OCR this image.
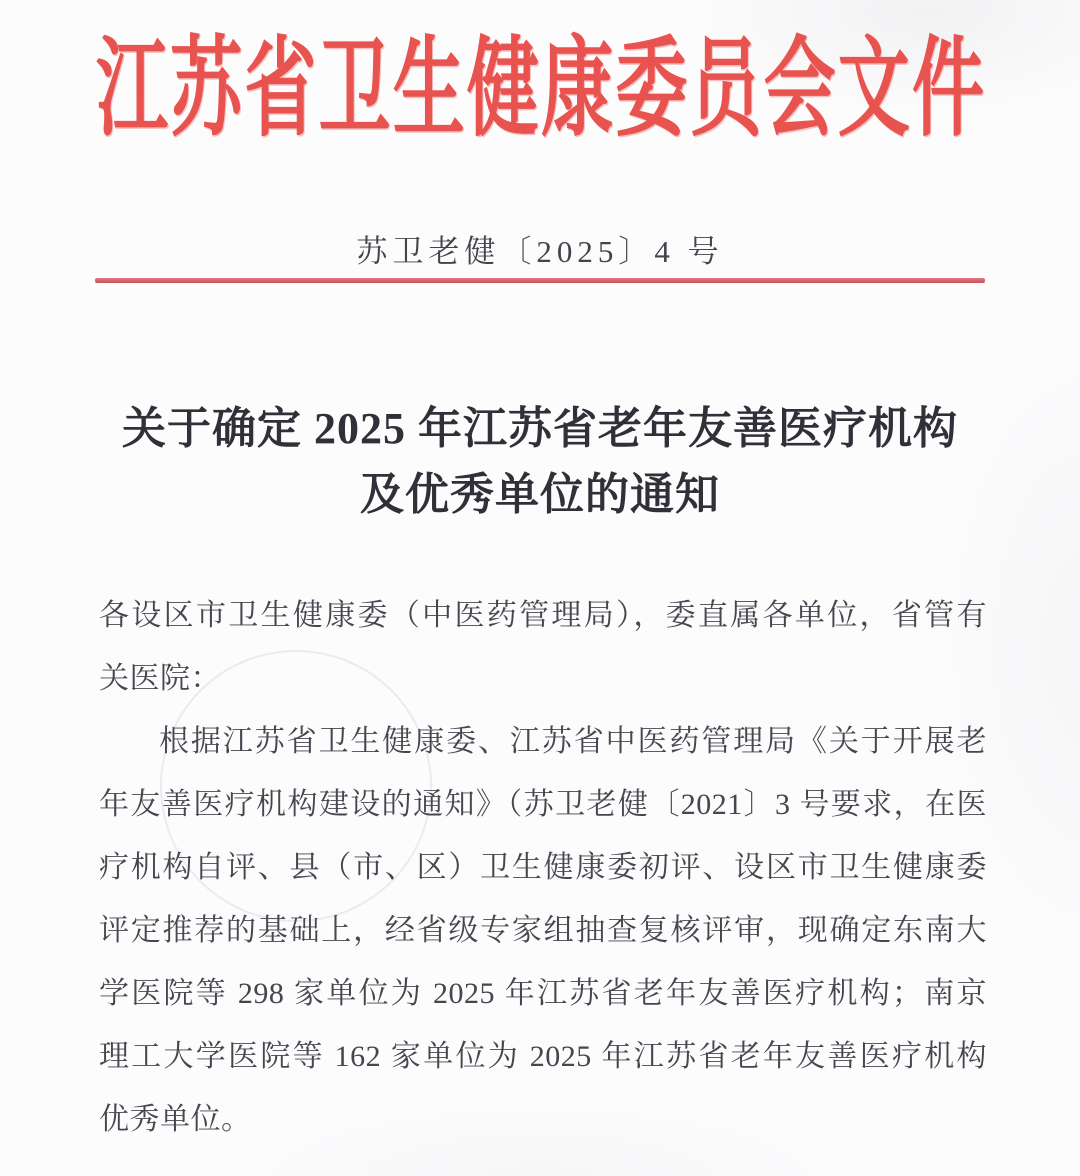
江苏省卫生健康委员会文件
苏卫老健〔2025〕4 号
关于确定 2025 年江苏省老年友善医疗机构
及优秀单位的通知
各设区市卫生健康委（中医药管理局），委直属各单位，省管有
关医院：
根据江苏省卫生健康委、江苏省中医药管理局《关于开展老
年友善医疗机构建设的通知》（苏卫老健〔2021〕3 号要求，在医
疗机构自评、县（市、区）卫生健康委初评、设区市卫生健康委
评定推荐的基础上，经省级专家组抽查复核评审，现确定东南大
学医院等 298 家单位为 2025 年江苏省老年友善医疗机构；南京
理工大学医院等 162 家单位为 2025 年江苏省老年友善医疗机构
优秀单位。
